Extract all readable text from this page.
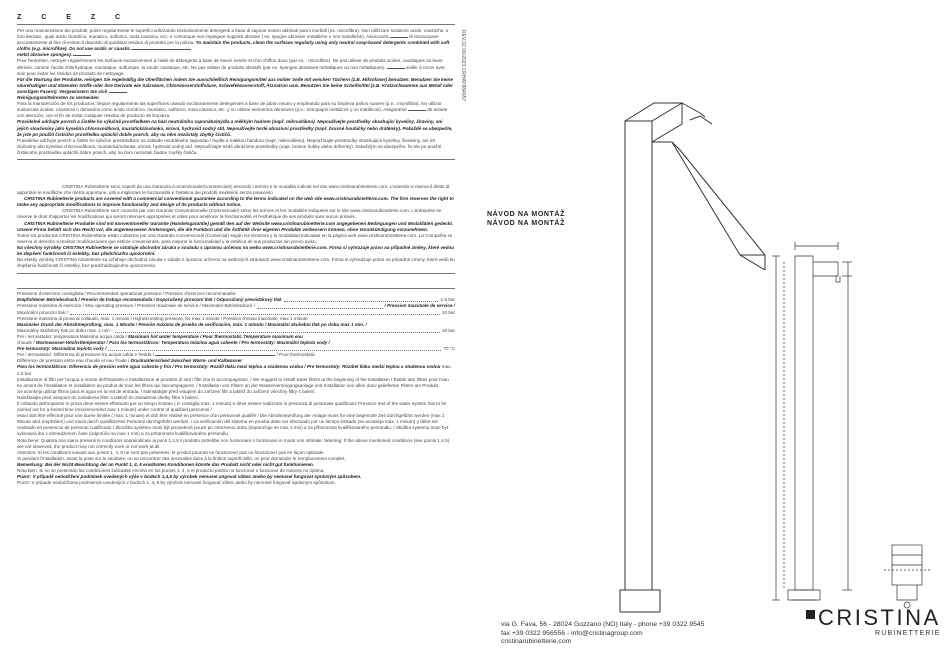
Z C E Z C
Per una manutenzione dei prodotti, pulire regolarmente le superfici utilizzando esclusivamente detergenti a base di sapone neutro abbinati panni morbidi (es. microfibra). Non utilizzare sostanze acide, caustiche, o loro derivati , quali acido cloridrico, muriatico, solforico, soda caustica, ecc. e comunque non impiegare supporti abrasivi ( es. spugne abrasive metalliche o non metalliche). Assicurarsi	di risciacquare accuratamente al fine di evitare il deposito di qualsiasi residuo di prodotto per la pulizia. To maintain the products, clean the surfaces regularly using only neutral soap-based detergents combined with soft cloths (e.g. microfibre). Do not use acidic or caustic
metal abrasive sponges).
Pour l'entretien, nettoyer régulièrement les surfaces exclusivement à l'aide de détergents à base de savon neutre et d'un chiffon doux (par ex. : microfibre). Ne pas utiliser de produits acides, caustiques ou leurs dérivés, comme l'acide chlorhydrique, muriatique, sulfurique, la soude caustique, etc. Ne pas utiliser de produits abrasifs (par ex. éponges abrasives métalliques ou non métalliques).	veiller à rincer avec soin pour éviter les résidus de produits de nettoyage.
Für die Wartung der Produkte, reinigen Sie regelmäßig die Oberflächen indem Sie ausschließlich Reinigungsmittel aus milder Seife mit weichen Tüchern (z.B. Mikrofaser) benutzen. Benutzen Sie keine säurehaltigen und ätzenden Stoffe oder ihre Derivate wie Salzsäure, Chlorwasserstoffsäure, Schwefelwasserstoff, Ätznatron usw. Benutzen Sie keine Scheifmittel (z.B. Kratzschwamme aus Metall oder sonstigen Fasern). Vergewissern Sie sich
Reinigungsmittelresten zu vermeiden.
Para la manutención de los productos, limpiar regularmente las superficies usando exclusivamente detergentes a base de jabón neutro y empleando para su limpieza paños suaves (p.e.: microfibra). No utilizar sustancias ácidas, cáusticas o derivados como ácido clorídrico, muriático, sulfúrico, sosa cáustica, etc. y no utilizar elementos abrasivos (p.e.: estropajos metálicos y no metálicos). Asegurarse	de aclarar con atención, con el fin de evitar cualquier residuo de producto de limpieza.
Pravidelně udržujte povrch a čistěte ho výlučně prostředkem na bázi neutrálního saponátu/mýdla a měkkým hadrem (např. mikrovlákno). Nepoužívejte prostředky obsahující kyseliny, žíraviny, ani jejich sloučeniny jako kyselina chlorovodíková, muriatická/solanka, sírová, hydroxid sodný atd. Nepoužívejte tvrdé abrazivní prostředky (např. brusné houbičky nebo drátěnky). Pokaždé se ubezpečte, že jste po použití čisticího prostředku opláchli dobře povrch, aby na něm nezůstaly zbytky čističů.
Pravidelne udržujte povrch a čistite ho výlučne prostriedkom na základe neutrálneho saponátu / mydla a mäkkou handrou (napr. mikrovlákno). Nepoužívajte prostriedky obsahujúce kyseliny, žieraviny, ani ich zlúčeniny ako kyselina chlorovodíková, muriatická/solanka, sírová, hydroxid sodný atď. Nepoužívajte tvrdé abrazívne prostriedky (napr. brúsne hubky alebo drôtenky). Zakaždým sa ubezpečte, že ste po použití čistiaceho prostriedku opláchli dobre povrch, aby na ňom nezostali žiadne zvyšky čističa.
CRISTINA Rubinetterie sono coperti da una Garanzia Convenzionale(Commerciale) secondo i termini e le modalità indicati nel sito www.cristinarubinetterie.com. L'azienda si riserva il diritto di apportare le modifiche che riterrà opportune, utili a migliorare le funzionalità e l'estetica dei prodotti medesimi senza preavviso.
CRISTINA Rubinetterie products are covered with a commercial conventional guarantee according to the terms indicated on the web site www.cristinarubinetterie.com. The firm reserves the right to make any appropriate modifications to improve functionality and design of its products without notice.
CRISTINA Rubinetterie sont couverts par une Garantie Conventionnelle (Commerciale) selon les termes et les modalités indiquées sur le site www.cristinarubinetterie.com. L'entreprise se réserve le droit d'apporter les modifications qui seront retenues appropriées et utiles pour améliorer la fonctionnalité et l'esthétique de ses produits sans aucun préavis.
CRISTINA Rubinetterie Produkte sind mit konventioneller Garantie (Handelsgarantie) gemäß den auf der Website www.cristinarubinetterie.com angegebenen Bedingungen und Modalitäten gedeckt. Unsere Firma behält sich das Recht vor, die angemessenen Änderungen, die die Funktion und die Ästhetik ihrer eigenen Produkte verbessern können, ohne Vorankündigung vorzunehmen.
Todos los productos CRISTINA Rubinetterie están cubiertos por una Garantía Convencional (Comercial) según los términos y la modalidad indicadas en la página web www.cristinarubinetterie.com. La Compañía se reserva el derecho a realizar modificaciones que estime convenientes, para mejorar la funcionalidad y la estética de sus productos sin previo aviso.
Na všechny výrobky CRISTINA Rubinetterie se vztahuje obchodní záruka v souladu s úpravou určenou na webu www.cristinarubinetterie.com. Firma si vyhrazuje právo na případné změny, které vedou ke zlepšení funkčnosti či estetiky, bez předchozího upozornění.
Na všetky výrobky CRISTINA rubinetterie sa vzťahuje obchodná záruka v súlade s úpravou určenou na webových stránkach www.cristinarubinetterie.com. Firma si vyhradzuje právo na prípadné zmeny, ktoré vedú ku zlepšeniu funkčnosti či estetiky, bez predchádzajúceho upozornenia.
Pressione d'esercizio consigliata / Recommended operational pressure / Pression d'exercice recommandée
Empfohlener Betriebsdruck / Presión de trabajo recomendada / Doporučený provozní tlak / Odporúčaný prevádzkový tlak	1-5 bar
Pressione massima di esercizio / Max operating pressure / Pression maximale de service / Maximaler Betriebsdruck /	/ Pression maximale de service /
Maximální provozní tlak /	10 bar
Pressione massima di prova di collaudo, max. 1 minuto / Highest testing pressure, for max 1 minute / Pression d'essai maximale, max 1 minute
Maximaler Druck der Abnahmeprüfung, max. 1 Minute / Presión máxima de prueba de verificación, máx. 1 minuto / Maximální zkušební tlak po dobu max 1 min. /
Maximálny skúšobný tlak po dobu max. 1 min -	16 bar
Per i termostatici: temperatura Massima acqua calda / Maximum hot water temperature / Pour thermostatic Temperature maximum eau
chaude / Warmwasser-Höchsttemperatur / Para los termostáticos: Temperatura máxima agua caliente / Pro termostaty: Maximální teplota vody /
Pre termostaty: Maximálna teplota vody /	70 °C
Per i termostatici: Differenza di pressione tra acqua calda e fredda /	/ Pour thermostatic
Différence de pression entre eau chaude et eau froide / Druckunterschied zwischen Warm- und Kaltwasser
Para los termostáticos: Diferencia de presión entre agua caliente y fría / Pro termostaty: Rozdíl tlaku mezi teplou a studenou vodou / Pre termostaty: Rozdiel tlaku medzi teplou a studenou vodou max. 1,5 bar
Installazione di filtri per l'acqua a monte dell'impianto e installazione al prodotto di tutti i filtri che lo accompagnano. / We suggest to install water filters at the beginning of the installation / Établir des filtres pour l'eau en amont de l'installation et installation au produit de tous les filtres qui l'accompagnent. / Installation von Filtern an der Wasserversorgungsanlage und Installation von allen dazu gelieferten Filtern am Produkt.
Se aconseja utilizar filtros para el agua en la red de entrada. / Nainstalujte před vstupem do zařízení filtr a taktéž do zařízení všechny filtry s balení.
Nainštalujte pred vstupom do zariadenia filter a taktiež do zariadenia všetky filtre s balení.
Il collaudo dell'impianto in prova deve essere effettuato per un tempo limitato ( in consiglia max. 1 minuto) e deve essere realizzato in presenza di personale qualificato/ Pressure test of the water system has to be carried out for a limited time (recommended max 1 minute) under control of qualified personnel /
essai doit être effectué pour une durée limitée ( max. 1 minute) et doit être réalisé en présence d'un personnel qualifié / Die Abnahmeprüfung der Anlage muss für eine begrenzte Zeit durchgeführt werden (max 1 Minute wird empfohlen) und muss durch qualifiziertes Personal durchgeführt werden. / La verificación del sistema en prueba debe ser efectuado por un tiempo limitado (se aconseja máx. 1 minuto) y debe ser realizado en presencia de personal cualificado / Zkouška systému musí být provedená pouze po omezenou dobu (doporučuje se max 1 min) a za přítomnosti kvalifikovaného personálu. / Skúška systému musí byť vykonaná iba v obmedzenom čase (odporúča sa max 1 min) a za prítomnosti kvalifikovaného personálu.
Nota bene: Qualora non siano presenti le condizioni sopraindicate ai punti 1,4,5 il prodotto potrebbe non funzionare o funzionare in modo non ottimale. Warning: If the above mentioned conditions (see points 1,4,5) are not observed, the product may not correctly work or not work at all.
Attention: Si les conditions suivant aux points 1, 4, 5 ne sont pas présentes, le produit pourrait ne fonctionner pas ou fonctionner pas en façon optimale.
Si pendant l'installation, avant la pose sur le sanitaire, on va rencontrer des anomalies dues à la finition superficielle, on peut demander le remplacement complet.
Bemerkung: Bei der Nicht-Beachtung der an Punkt 1, 4, 5 erwähnten Konditionen könnte das Produkt nicht oder nicht gut funktionieren.
Nota bien: Si no se presentan las condiciones indicadas encima en los puntos 1, 4, 5 el producto podría no funcionar o funcionar de manera no óptima.
Pozor: V případě nedodržení podmínek uvedených výše v bodech 1,4,5 by výrobek nemusel ungovat vůbec anebo by nemusel fungovat správným způsobem.
Pozor: V prípade nedodržania podmienok uvedených v bodoch 1, 4, 5 by výrobok nemusel fungovať vôbec alebo by nemusel fungovať správnym spôsobom.
REV.02 06/2023 CRHAT884657
NÁVOD NA MONTÁŽ
NÁVOD NA MONTÁŽ
via G. Fava, 56 - 28024 Gozzano (NO) Italy - phone +39 0322 9545
fax +39 0322 956556 - info@cristinagroup.com
cristinarubinetterie.com
CRISTINA
RUBINETTERIE
